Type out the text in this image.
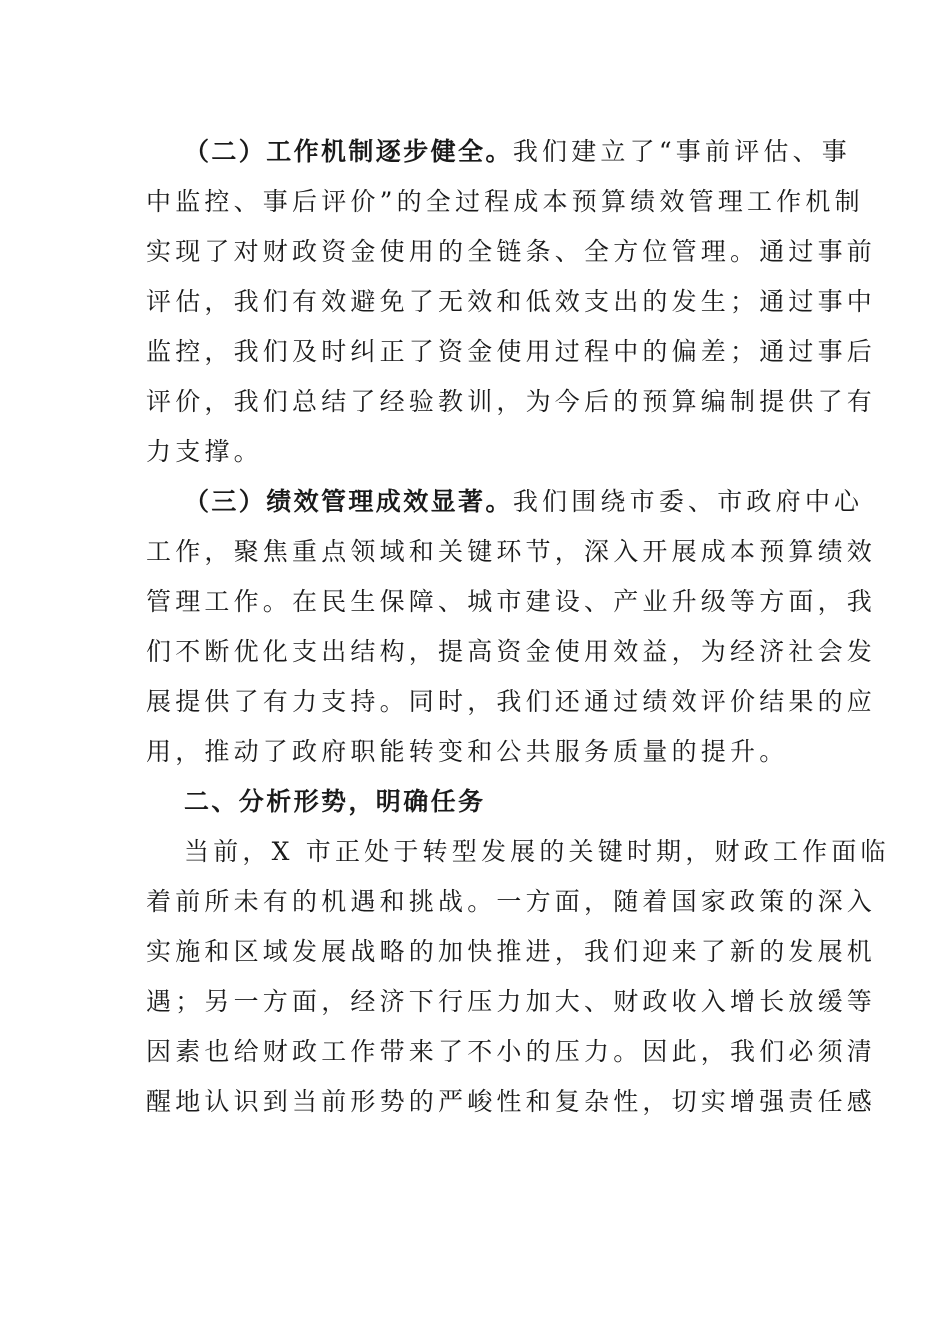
（二）工作机制逐步健全。我们建立了“事前评估、事
中监控、事后评价”的全过程成本预算绩效管理工作机制
实现了对财政资金使用的全链条、全方位管理。通过事前
评估，我们有效避免了无效和低效支出的发生；通过事中
监控，我们及时纠正了资金使用过程中的偏差；通过事后
评价，我们总结了经验教训，为今后的预算编制提供了有
力支撑。
（三）绩效管理成效显著。我们围绕市委、市政府中心
工作，聚焦重点领域和关键环节，深入开展成本预算绩效
管理工作。在民生保障、城市建设、产业升级等方面，我
们不断优化支出结构，提高资金使用效益，为经济社会发
展提供了有力支持。同时，我们还通过绩效评价结果的应
用，推动了政府职能转变和公共服务质量的提升。
二、分析形势，明确任务
当前，X 市正处于转型发展的关键时期，财政工作面临
着前所未有的机遇和挑战。一方面，随着国家政策的深入
实施和区域发展战略的加快推进，我们迎来了新的发展机
遇；另一方面，经济下行压力加大、财政收入增长放缓等
因素也给财政工作带来了不小的压力。因此，我们必须清
醒地认识到当前形势的严峻性和复杂性，切实增强责任感
